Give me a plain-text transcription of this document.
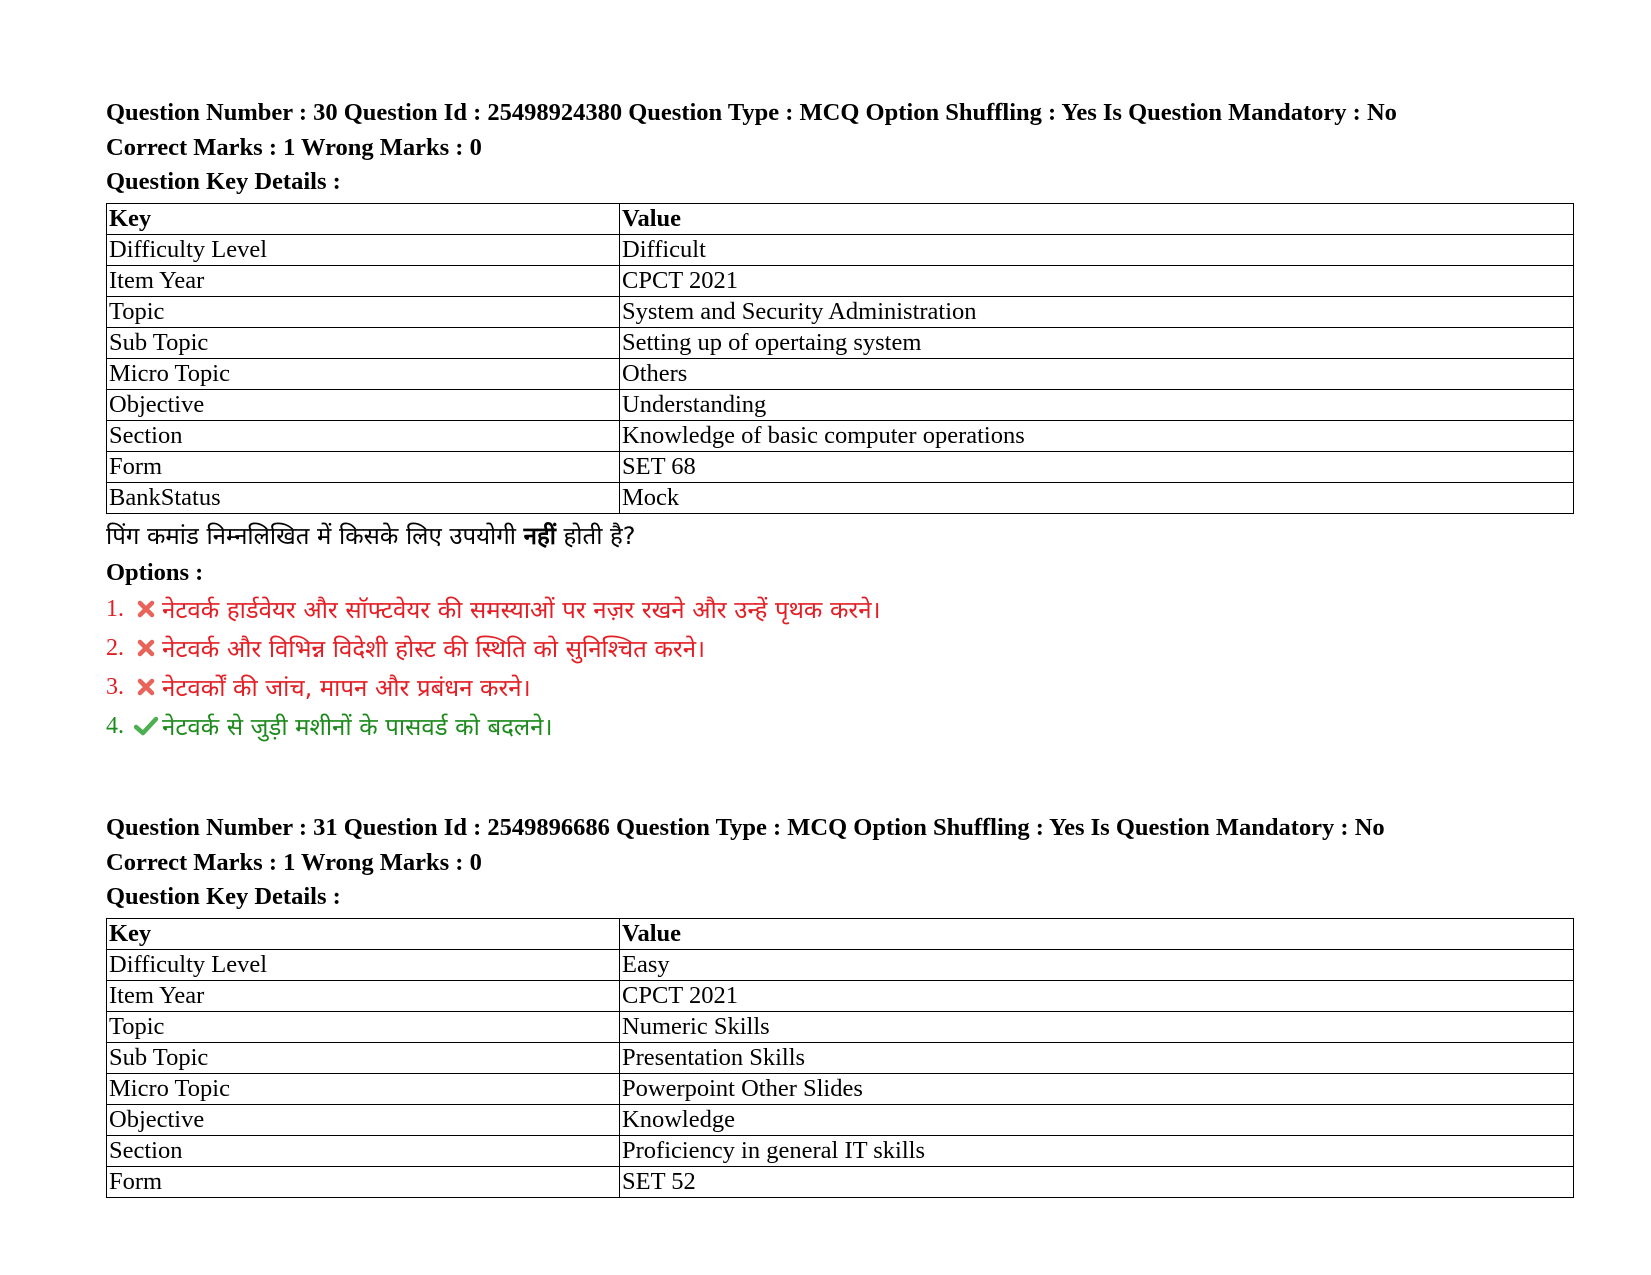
Question Number : 30 Question Id : 25498924380 Question Type : MCQ Option Shuffling : Yes Is Question Mandatory : No
Correct Marks : 1 Wrong Marks : 0
Question Key Details :
Key	Value
Difficulty Level	Difficult
Item Year	CPCT 2021
Topic	System and Security Administration
Sub Topic	Setting up of opertaing system
Micro Topic	Others
Objective	Understanding
Section	Knowledge of basic computer operations
Form	SET 68
BankStatus	Mock
पिंग कमांड निम्नलिखित में किसके लिए उपयोगी नहीं होती है?
Options :
1.	नेटवर्क हार्डवेयर और सॉफ्टवेयर की समस्याओं पर नज़र रखने और उन्हें पृथक करने।
2.	नेटवर्क और विभिन्न विदेशी होस्ट की स्थिति को सुनिश्चित करने।
3.	नेटवर्कों की जांच, मापन और प्रबंधन करने।
4.	नेटवर्क से जुड़ी मशीनों के पासवर्ड को बदलने।
Question Number : 31 Question Id : 2549896686 Question Type : MCQ Option Shuffling : Yes Is Question Mandatory : No
Correct Marks : 1 Wrong Marks : 0
Question Key Details :
Key	Value
Difficulty Level	Easy
Item Year	CPCT 2021
Topic	Numeric Skills
Sub Topic	Presentation Skills
Micro Topic	Powerpoint Other Slides
Objective	Knowledge
Section	Proficiency in general IT skills
Form	SET 52
